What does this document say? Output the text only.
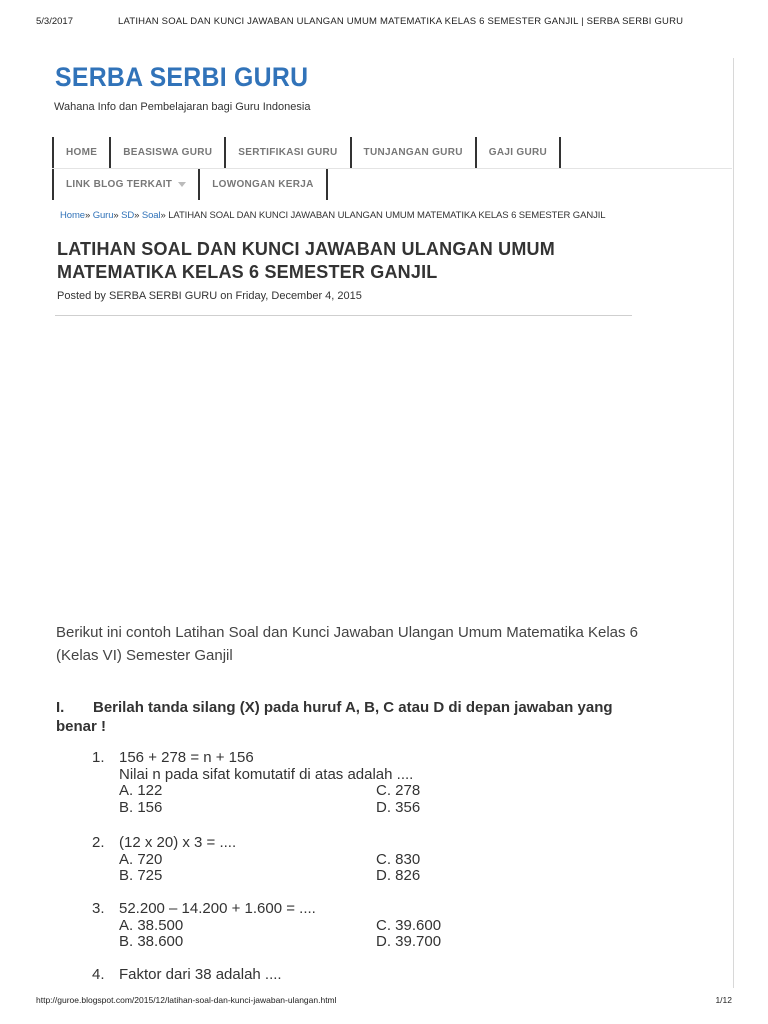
5/3/2017	LATIHAN SOAL DAN KUNCI JAWABAN ULANGAN UMUM MATEMATIKA KELAS 6 SEMESTER GANJIL | SERBA SERBI GURU
SERBA SERBI GURU
Wahana Info dan Pembelajaran bagi Guru Indonesia
HOME	BEASISWA GURU	SERTIFIKASI GURU	TUNJANGAN GURU	GAJI GURU
LINK BLOG TERKAIT	LOWONGAN KERJA
Home» Guru» SD» Soal» LATIHAN SOAL DAN KUNCI JAWABAN ULANGAN UMUM MATEMATIKA KELAS 6 SEMESTER GANJIL
LATIHAN SOAL DAN KUNCI JAWABAN ULANGAN UMUM MATEMATIKA KELAS 6 SEMESTER GANJIL
Posted by SERBA SERBI GURU on Friday, December 4, 2015
Berikut ini contoh Latihan Soal dan Kunci Jawaban Ulangan Umum Matematika Kelas 6 (Kelas VI) Semester Ganjil
I. Berilah tanda silang (X) pada huruf A, B, C atau D di depan jawaban yang benar !
1. 156 + 278 = n + 156
Nilai n pada sifat komutatif di atas adalah ....
A. 122	C. 278
B. 156	D. 356
2. (12 x 20) x 3 = ....
A. 720	C. 830
B. 725	D. 826
3. 52.200 – 14.200 + 1.600 = ....
A. 38.500	C. 39.600
B. 38.600	D. 39.700
4. Faktor dari 38 adalah ....
http://guroe.blogspot.com/2015/12/latihan-soal-dan-kunci-jawaban-ulangan.html	1/12
